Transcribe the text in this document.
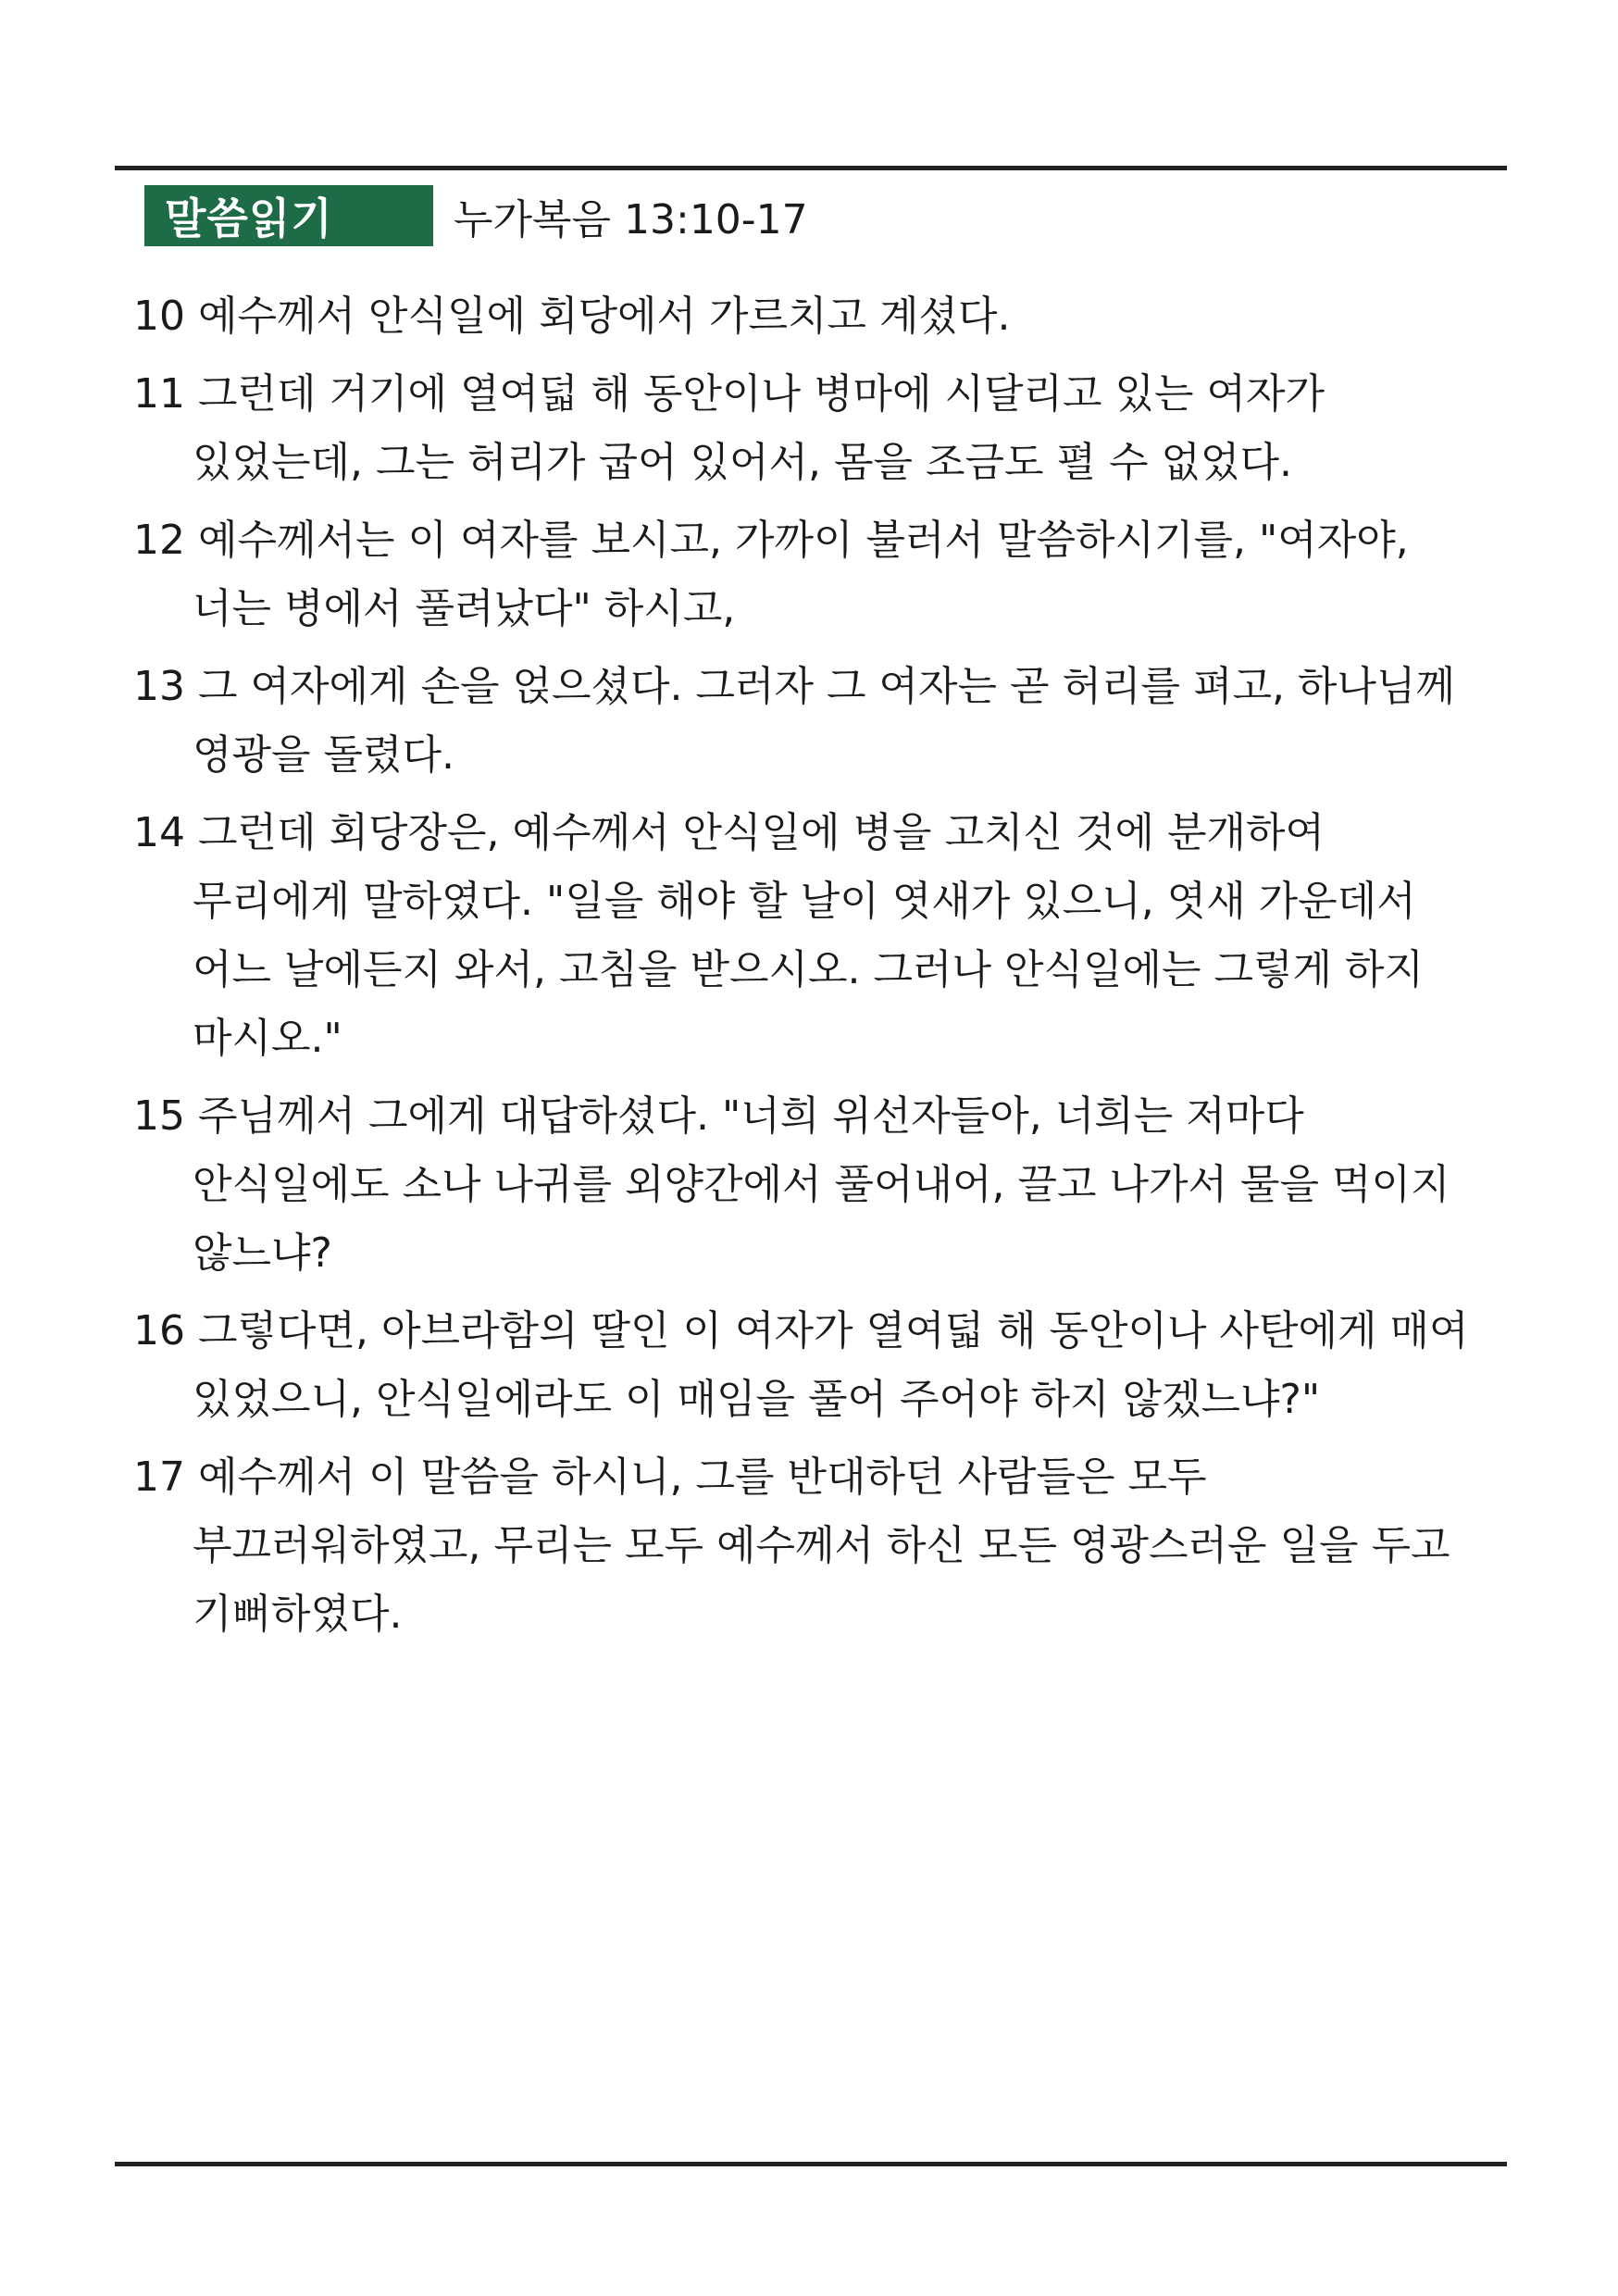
말씀읽기	누가복음 13:10-17

10 예수께서 안식일에 회당에서 가르치고 계셨다.

11 그런데 거기에 열여덟 해 동안이나 병마에 시달리고 있는 여자가 있었는데, 그는 허리가 굽어 있어서, 몸을 조금도 펼 수 없었다.

12 예수께서는 이 여자를 보시고, 가까이 불러서 말씀하시기를, "여자야, 너는 병에서 풀려났다" 하시고,

13 그 여자에게 손을 얹으셨다. 그러자 그 여자는 곧 허리를 펴고, 하나님께 영광을 돌렸다.

14 그런데 회당장은, 예수께서 안식일에 병을 고치신 것에 분개하여 무리에게 말하였다. "일을 해야 할 날이 엿새가 있으니, 엿새 가운데서 어느 날에든지 와서, 고침을 받으시오. 그러나 안식일에는 그렇게 하지 마시오."

15 주님께서 그에게 대답하셨다. "너희 위선자들아, 너희는 저마다 안식일에도 소나 나귀를 외양간에서 풀어내어, 끌고 나가서 물을 먹이지 않느냐?

16 그렇다면, 아브라함의 딸인 이 여자가 열여덟 해 동안이나 사탄에게 매여 있었으니, 안식일에라도 이 매임을 풀어 주어야 하지 않겠느냐?"

17 예수께서 이 말씀을 하시니, 그를 반대하던 사람들은 모두 부끄러워하였고, 무리는 모두 예수께서 하신 모든 영광스러운 일을 두고 기뻐하였다.
